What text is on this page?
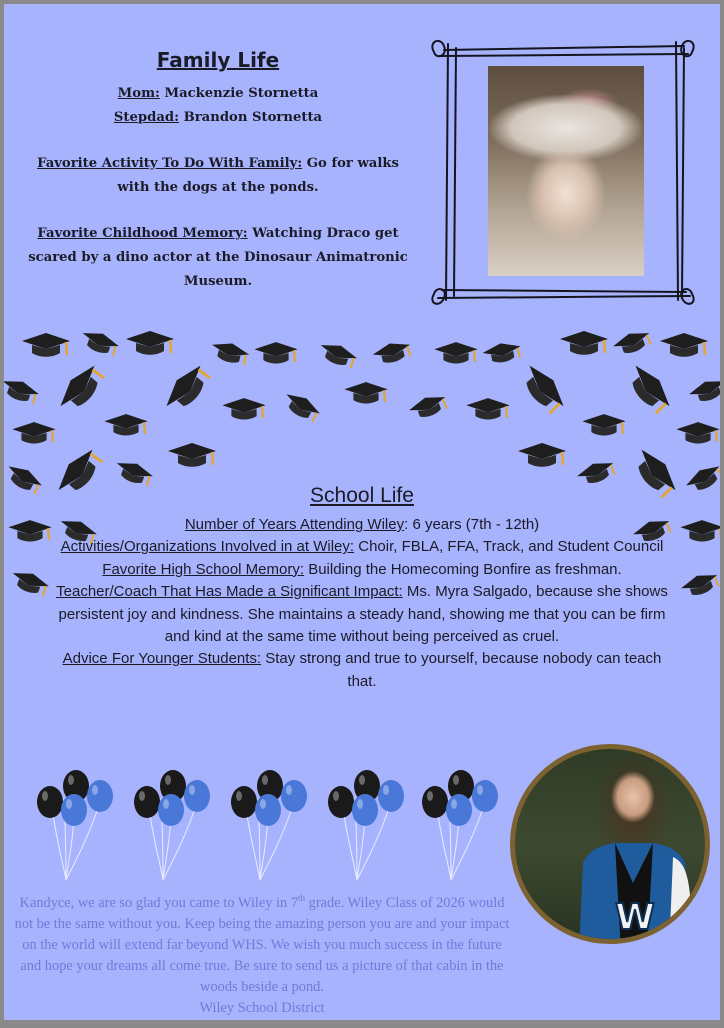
Family Life

Mom: Mackenzie Stornetta

Stepdad: Brandon Stornetta

Favorite Activity To Do With Family: Go for walks with the dogs at the ponds.

Favorite Childhood Memory: Watching Draco get scared by a dino actor at the Dinosaur Animatronic Museum.

School Life

Number of Years Attending Wiley: 6 years (7th - 12th)

Activities/Organizations Involved in at Wiley: Choir, FBLA, FFA, Track, and Student Council

Favorite High School Memory: Building the Homecoming Bonfire as freshman.

Teacher/Coach That Has Made a Significant Impact: Ms. Myra Salgado, because she shows persistent joy and kindness. She maintains a steady hand, showing me that you can be firm and kind at the same time without being perceived as cruel.

Advice For Younger Students: Stay strong and true to yourself, because nobody can teach that.

W

Kandyce, we are so glad you came to Wiley in 7th grade. Wiley Class of 2026 would not be the same without you. Keep being the amazing person you are and your impact on the world will extend far beyond WHS. We wish you much success in the future and hope your dreams all come true. Be sure to send us a picture of that cabin in the woods beside a pond.

Wiley School District
